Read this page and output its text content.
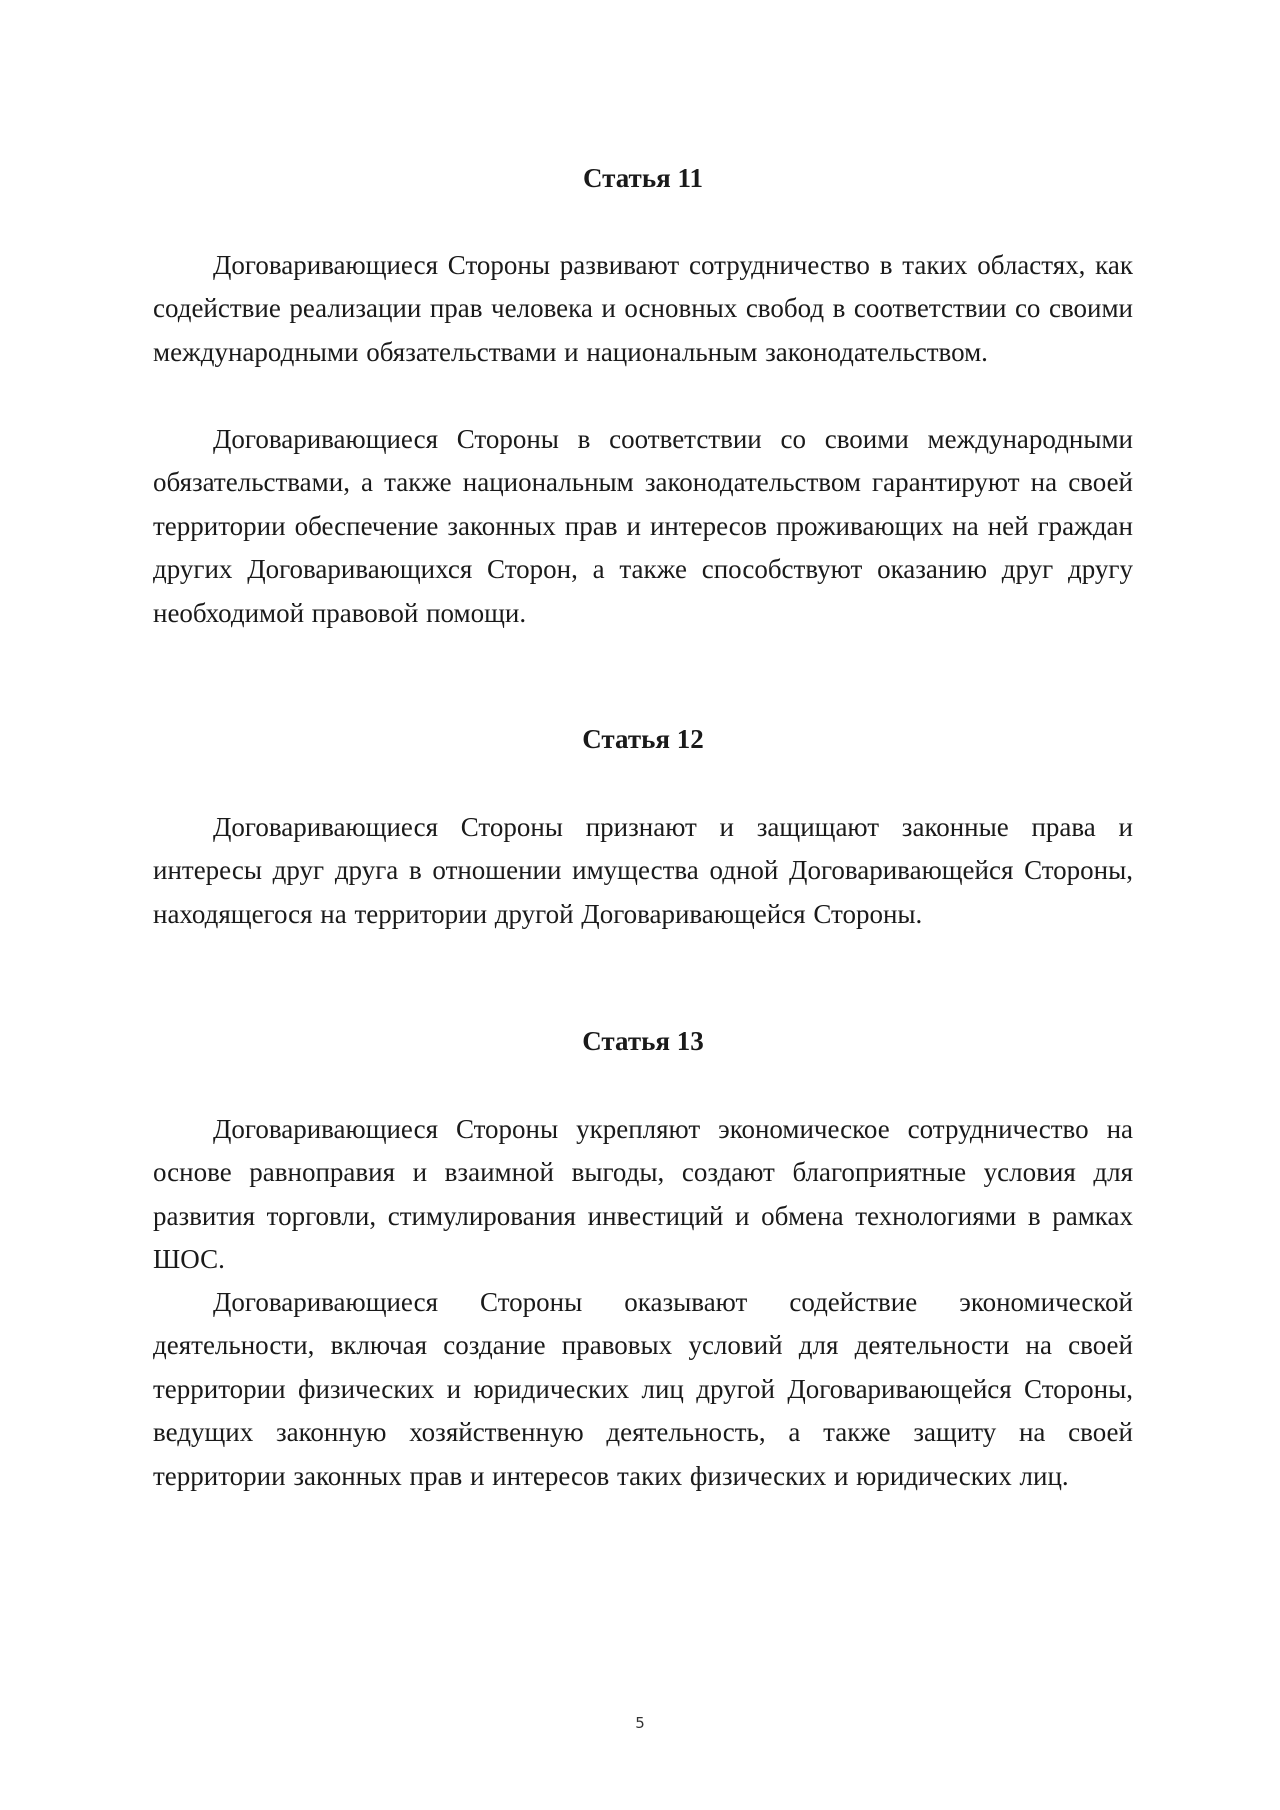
Статья 11

Договаривающиеся Стороны развивают сотрудничество в таких областях, как содействие реализации прав человека и основных свобод в соответствии со своими международными обязательствами и национальным законодательством.

Договаривающиеся Стороны в соответствии со своими международными обязательствами, а также национальным законодательством гарантируют на своей территории обеспечение законных прав и интересов проживающих на ней граждан других Договаривающихся Сторон, а также способствуют оказанию друг другу необходимой правовой помощи.

Статья 12

Договаривающиеся Стороны признают и защищают законные права и интересы друг друга в отношении имущества одной Договаривающейся Стороны, находящегося на территории другой Договаривающейся Стороны.

Статья 13

Договаривающиеся Стороны укрепляют экономическое сотрудничество на основе равноправия и взаимной выгоды, создают благоприятные условия для развития торговли, стимулирования инвестиций и обмена технологиями в рамках ШОС.

Договаривающиеся Стороны оказывают содействие экономической деятельности, включая создание правовых условий для деятельности на своей территории физических и юридических лиц другой Договаривающейся Стороны, ведущих законную хозяйственную деятельность, а также защиту на своей территории законных прав и интересов таких физических и юридических лиц.

5
